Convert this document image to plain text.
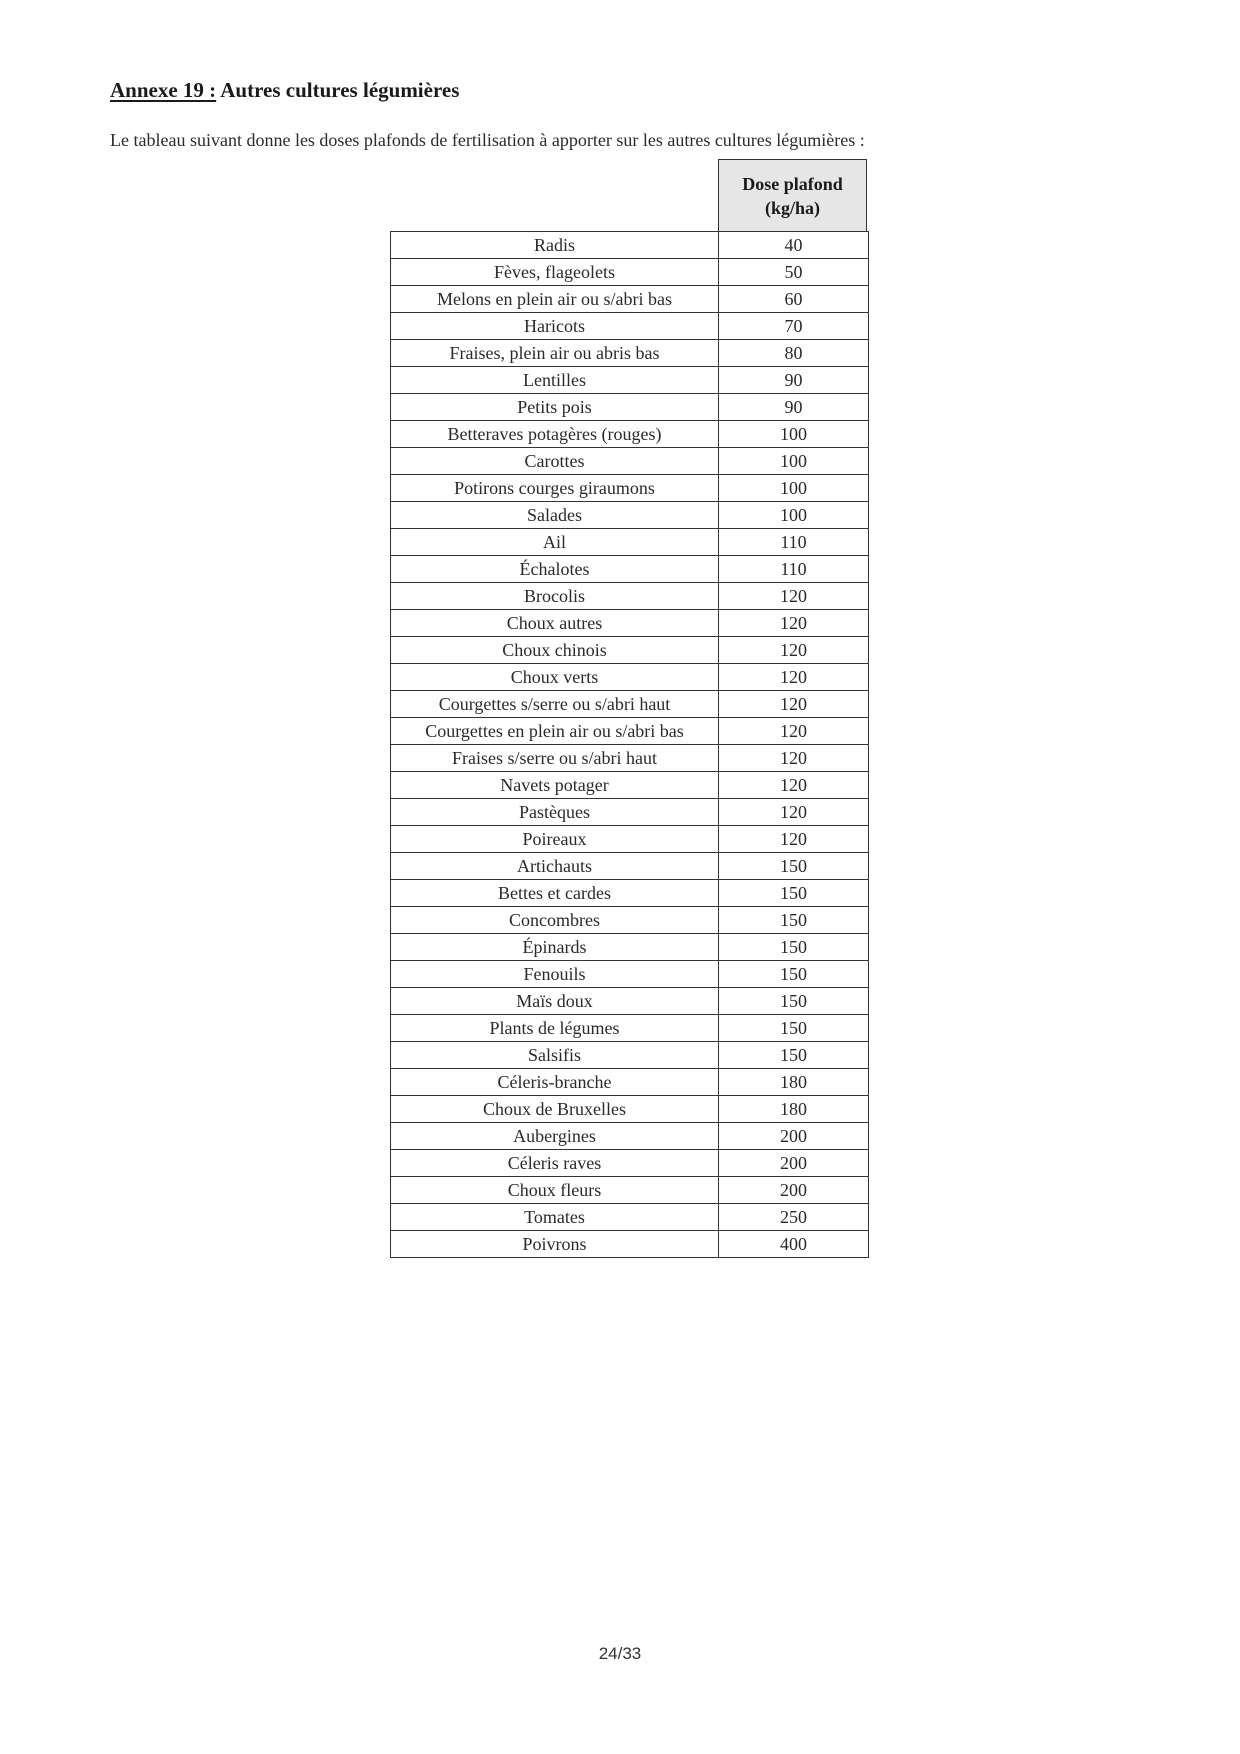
Annexe 19 : Autres cultures légumières
Le tableau suivant donne les doses plafonds de fertilisation à apporter sur les autres cultures légumières :
Dose plafond
(kg/ha)
Radis	40
Fèves, flageolets	50
Melons en plein air ou s/abri bas	60
Haricots	70
Fraises, plein air ou abris bas	80
Lentilles	90
Petits pois	90
Betteraves potagères (rouges)	100
Carottes	100
Potirons courges giraumons	100
Salades	100
Ail	110
Échalotes	110
Brocolis	120
Choux autres	120
Choux chinois	120
Choux verts	120
Courgettes s/serre ou s/abri haut	120
Courgettes en plein air ou s/abri bas	120
Fraises s/serre ou s/abri haut	120
Navets potager	120
Pastèques	120
Poireaux	120
Artichauts	150
Bettes et cardes	150
Concombres	150
Épinards	150
Fenouils	150
Maïs doux	150
Plants de légumes	150
Salsifis	150
Céleris-branche	180
Choux de Bruxelles	180
Aubergines	200
Céleris raves	200
Choux fleurs	200
Tomates	250
Poivrons	400
24/33
